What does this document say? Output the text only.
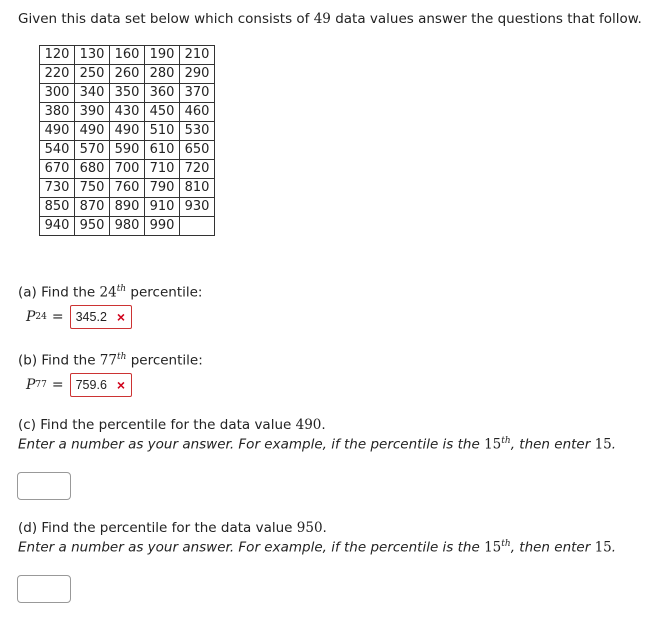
Given this data set below which consists of 49 data values answer the questions that follow.
120	130	160	190	210
220	250	260	280	290
300	340	350	360	370
380	390	430	450	460
490	490	490	510	530
540	570	590	610	650
670	680	700	710	720
730	750	760	790	810
850	870	890	910	930
940	950	980	990	
(a) Find the 24th percentile:
P 24 = 345.2 ×
(b) Find the 77th percentile:
P 77 = 759.6 ×
(c) Find the percentile for the data value 490.
Enter a number as your answer. For example, if the percentile is the 15th, then enter 15.
(d) Find the percentile for the data value 950.
Enter a number as your answer. For example, if the percentile is the 15th, then enter 15.
